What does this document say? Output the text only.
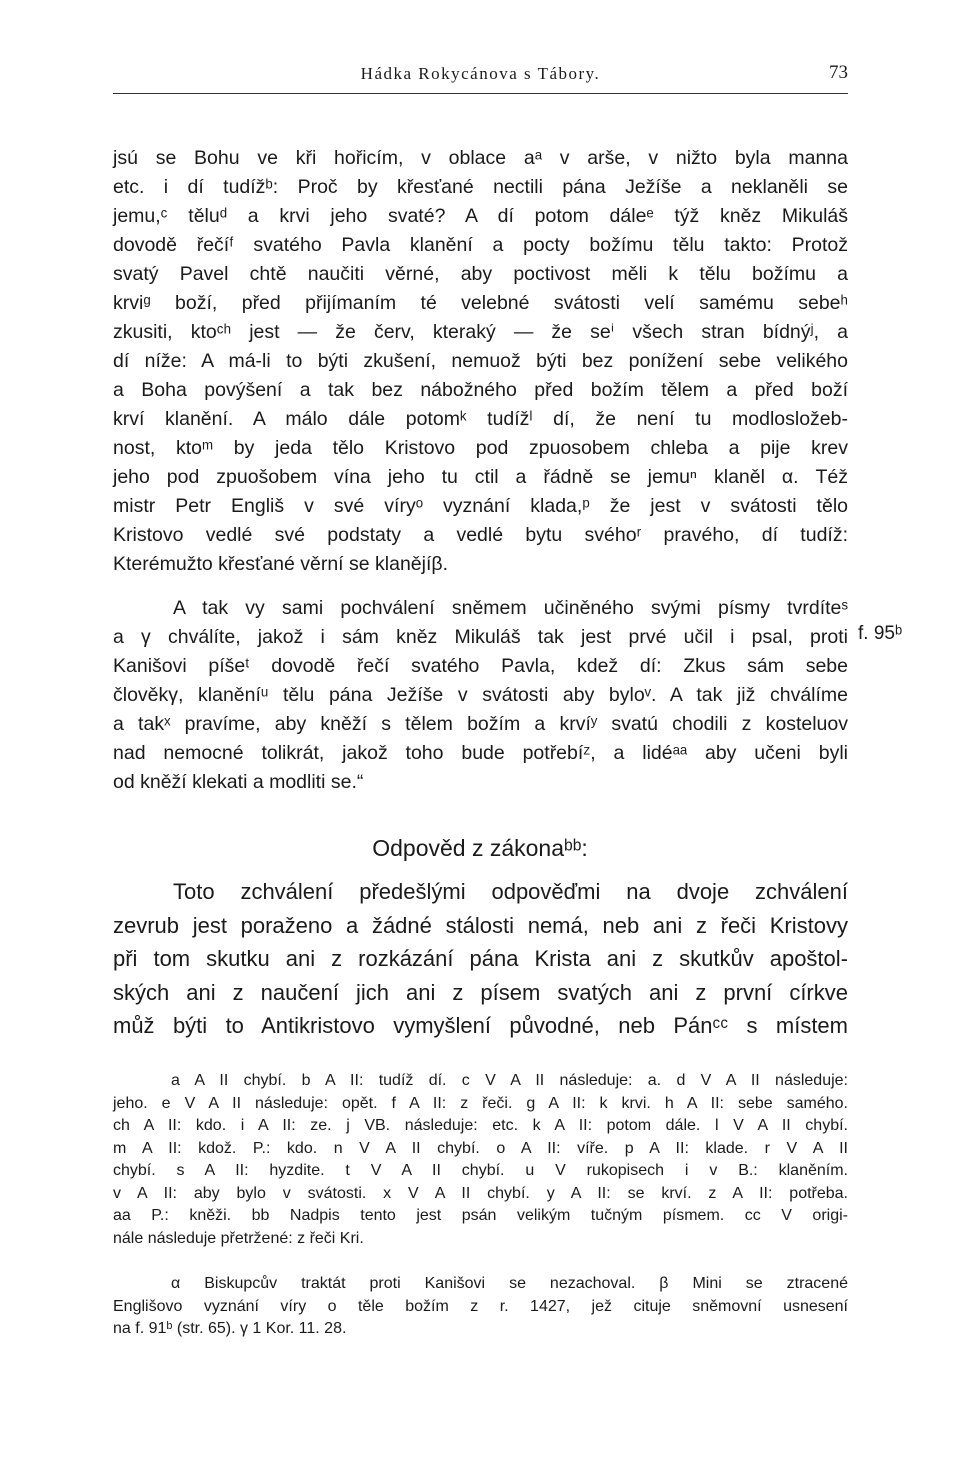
Hádka Rokycánova s Tábory.	73
jsú se Bohu ve kři hořicím, v oblace aᵃ v arše, v nižto byla manna
etc. i dí tudížᵇ: Proč by křesťané nectili pána Ježíše a neklaněli se
jemu,ᶜ těluᵈ a krvi jeho svaté? A dí potom dáleᵉ týž kněz Mikuláš
dovodě řečíᶠ svatého Pavla klanění a pocty božímu tělu takto: Protož
svatý Pavel chtě naučiti věrné, aby poctivost měli k tělu božímu a
krviᵍ boží, před přijímaním té velebné svátosti velí samému sebeʰ
zkusiti, ktoᶜʰ jest — že červ, kteraký — že seⁱ všech stran bídnýʲ, a
dí níže: A má-li to býti zkušení, nemuož býti bez ponížení sebe velikého
a Boha povýšení a tak bez nábožného před božím tělem a před boží
krví klanění. A málo dále potomᵏ tudížˡ dí, že není tu modlosložeb-
nost, ktoᵐ by jeda tělo Kristovo pod zpuosobem chleba a pije krev
jeho pod zpuošobem vína jeho tu ctil a řádně se jemuⁿ klaněl α. Též
mistr Petr Engliš v své víryᵒ vyznání klada,ᵖ že jest v svátosti tělo
Kristovo vedlé své podstaty a vedlé bytu svéhoʳ pravého, dí tudíž:
Kterémužto křesťané věrní se klanějíβ.
A tak vy sami pochválení sněmem učiněného svými písmy tvrdíteˢ
a γ chválíte, jakož i sám kněz Mikuláš tak jest prvé učil i psal, proti
Kanišovi píšeᵗ dovodě řečí svatého Pavla, kdež dí: Zkus sám sebe
člověkγ, klaněníᵘ tělu pána Ježíše v svátosti aby byloᵛ. A tak již chválíme
a takˣ pravíme, aby kněží s tělem božím a krvíʸ svatú chodili z kosteluov
nad nemocné tolikrát, jakož toho bude potřebíᶻ, a lidéᵃᵃ aby učeni byli
od kněží klekati a modliti se.“
f. 95ᵇ
Odpověd z zákonaᵇᵇ:
Toto zchválení předešlými odpověďmi na dvoje zchválení
zevrub jest poraženo a žádné stálosti nemá, neb ani z řeči Kristovy
při tom skutku ani z rozkázání pána Krista ani z skutkův apoštol-
ských ani z naučení jich ani z písem svatých ani z první církve
můž býti to Antikristovo vymyšlení původné, neb Pánᶜᶜ s místem
a A II chybí. b A II: tudíž dí. c V A II následuje: a. d V A II následuje:
jeho. e V A II následuje: opět. f A II: z řeči. g A II: k krvi. h A II: sebe samého.
ch A II: kdo. i A II: ze. j VB. následuje: etc. k A II: potom dále. l V A II chybí.
m A II: kdož. P.: kdo. n V A II chybí. o A II: víře. p A II: klade. r V A II
chybí. s A II: hyzdite. t V A II chybí. u V rukopisech i v B.: klaněním.
v A II: aby bylo v svátosti. x V A II chybí. y A II: se krví. z A II: potřeba.
aa P.: kněži. bb Nadpis tento jest psán velikým tučným písmem. cc V origi-
nále následuje přetržené: z řeči Kri.
α Biskupcův traktát proti Kanišovi se nezachoval. β Mini se ztracené
Englišovo vyznání víry o těle božím z r. 1427, jež cituje sněmovní usnesení
na f. 91ᵇ (str. 65). γ 1 Kor. 11. 28.
